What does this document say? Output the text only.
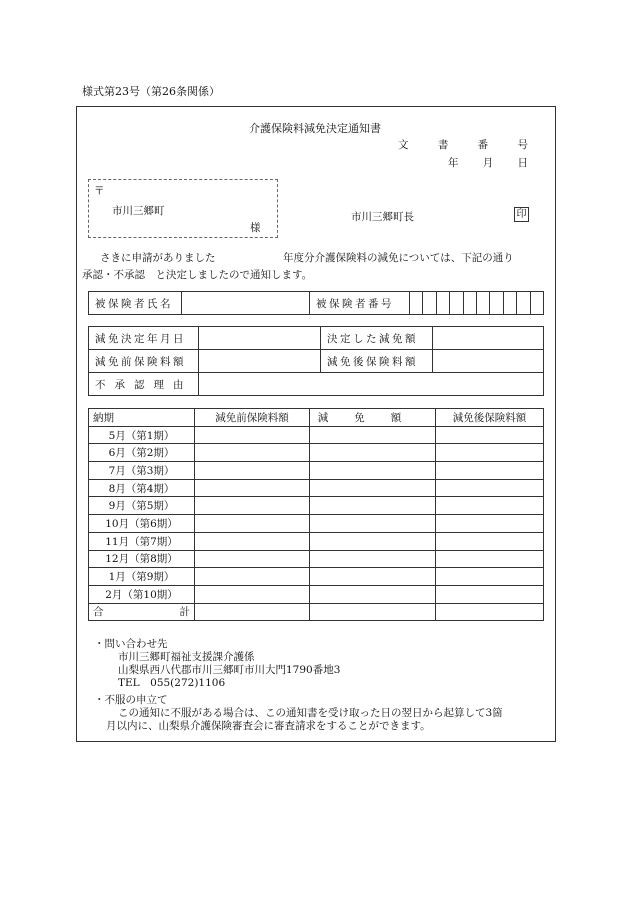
様式第23号（第26条関係）
介護保険料減免決定通知書
文	書	番	号
年 月 日
〒
市川三郷町
様
市川三郷町長	印
さきに申請がありました	年度分介護保険料の減免については、下記の通り
承認・不承認　と決定しましたので通知します。
被保険者氏名		被保険者番号	
減免決定年月日		決定した減免額	
減免前保険料額		減免後保険料額	
不承認理由			
納期	減免前保険料額	減免額	減免後保険料額
5月（第1期）			
6月（第2期）			
7月（第3期）			
8月（第4期）			
9月（第5期）			
10月（第6期）			
11月（第7期）			
12月（第8期）			
1月（第9期）			
2月（第10期）			

合 計			

・問い合わせ先
市川三郷町福祉支援課介護係
山梨県西八代郡市川三郷町市川大門1790番地3
TEL　055(272)1106
・不服の申立て
この通知に不服がある場合は、この通知書を受け取った日の翌日から起算して3箇
月以内に、山梨県介護保険審査会に審査請求をすることができます。
